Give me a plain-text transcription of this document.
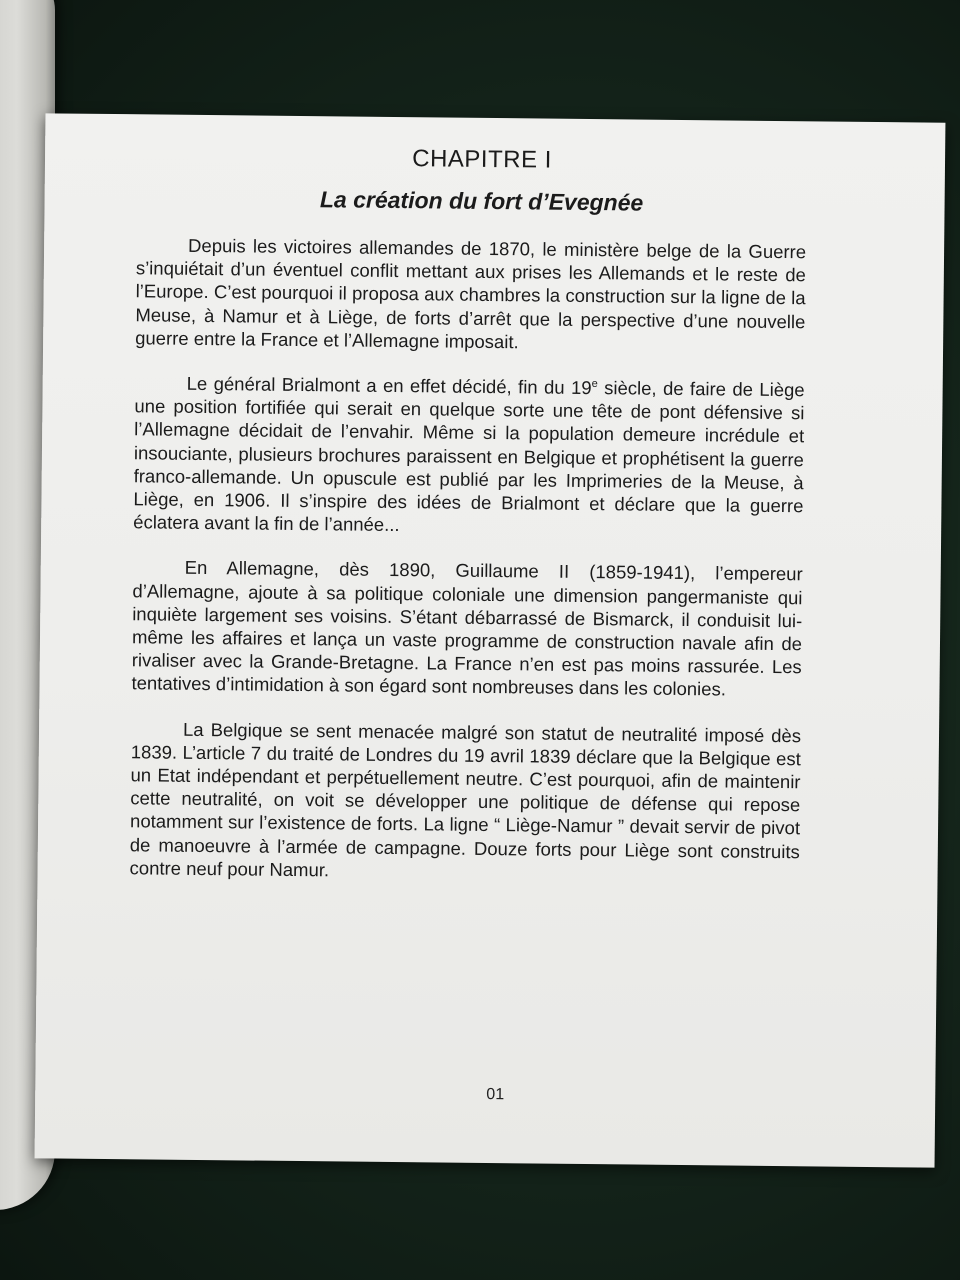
CHAPITRE I
La création du fort d’Evegnée

Depuis les victoires allemandes de 1870, le ministère belge de la Guerre s’inquiétait d’un éventuel conflit mettant aux prises les Allemands et le reste de l’Europe. C’est pourquoi il proposa aux chambres la construction sur la ligne de la Meuse, à Namur et à Liège, de forts d’arrêt que la perspective d’une nouvelle guerre entre la France et l’Allemagne imposait.

Le général Brialmont a en effet décidé, fin du 19e siècle, de faire de Liège une position fortifiée qui serait en quelque sorte une tête de pont défensive si l’Allemagne décidait de l’envahir. Même si la population demeure incrédule et insouciante, plusieurs brochures paraissent en Belgique et prophétisent la guerre franco-allemande. Un opuscule est publié par les Imprimeries de la Meuse, à Liège, en 1906. Il s’inspire des idées de Brialmont et déclare que la guerre éclatera avant la fin de l’année...

En Allemagne, dès 1890, Guillaume II (1859-1941), l’empereur d’Allemagne, ajoute à sa politique coloniale une dimension pangermaniste qui inquiète largement ses voisins. S’étant débarrassé de Bismarck, il conduisit lui-même les affaires et lança un vaste programme de construction navale afin de rivaliser avec la Grande-Bretagne. La France n’en est pas moins rassurée. Les tentatives d’intimidation à son égard sont nombreuses dans les colonies.

La Belgique se sent menacée malgré son statut de neutralité imposé dès 1839. L’article 7 du traité de Londres du 19 avril 1839 déclare que la Belgique est un Etat indépendant et perpétuellement neutre. C’est pourquoi, afin de maintenir cette neutralité, on voit se développer une politique de défense qui repose notamment sur l’existence de forts. La ligne “ Liège-Namur ” devait servir de pivot de manoeuvre à l’armée de campagne. Douze forts pour Liège sont construits contre neuf pour Namur.

01
